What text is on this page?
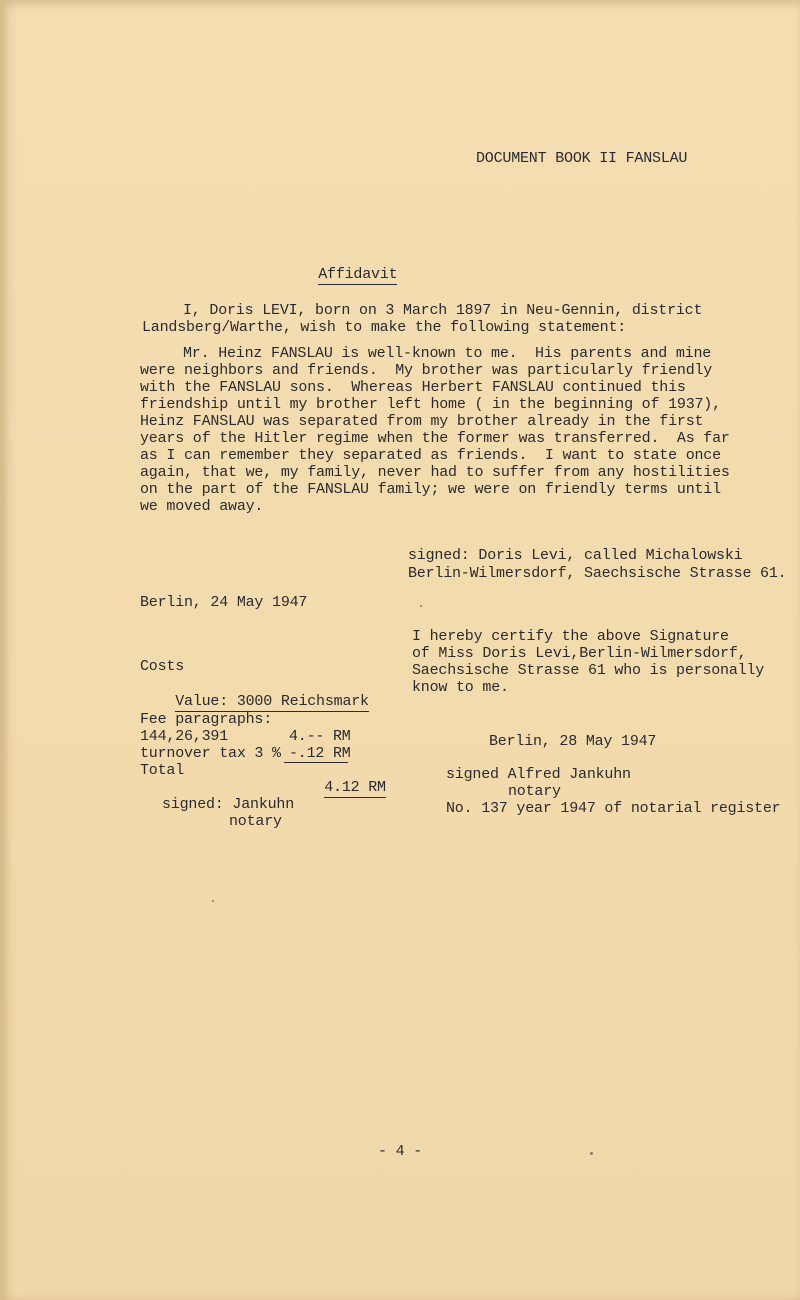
DOCUMENT BOOK II FANSLAU

Affidavit

I, Doris LEVI, born on 3 March 1897 in Neu-Gennin, district
Landsberg/Warthe, wish to make the following statement:
Mr. Heinz FANSLAU is well-known to me.  His parents and mine
were neighbors and friends.  My brother was particularly friendly
with the FANSLAU sons.  Whereas Herbert FANSLAU continued this
friendship until my brother left home ( in the beginning of 1937),
Heinz FANSLAU was separated from my brother already in the first
years of the Hitler regime when the former was transferred.  As far
as I can remember they separated as friends.  I want to state once
again, that we, my family, never had to suffer from any hostilities
on the part of the FANSLAU family; we were on friendly terms until
we moved away.
signed: Doris Levi, called Michalowski
Berlin-Wilmersdorf, Saechsische Strasse 61.
Berlin, 24 May 1947
I hereby certify the above Signature
of Miss Doris Levi,Berlin-Wilmersdorf,
Saechsische Strasse 61 who is personally
know to me.
Costs

Value: 3000 Reichsmark

Fee paragraphs:
144,26,391	4.-- RM
turnover tax 3 % -.12 RM
Total

4.12 RM

signed: Jankuhn
notary
Berlin, 28 May 1947
signed Alfred Jankuhn
notary
No. 137 year 1947 of notarial register
- 4 -
